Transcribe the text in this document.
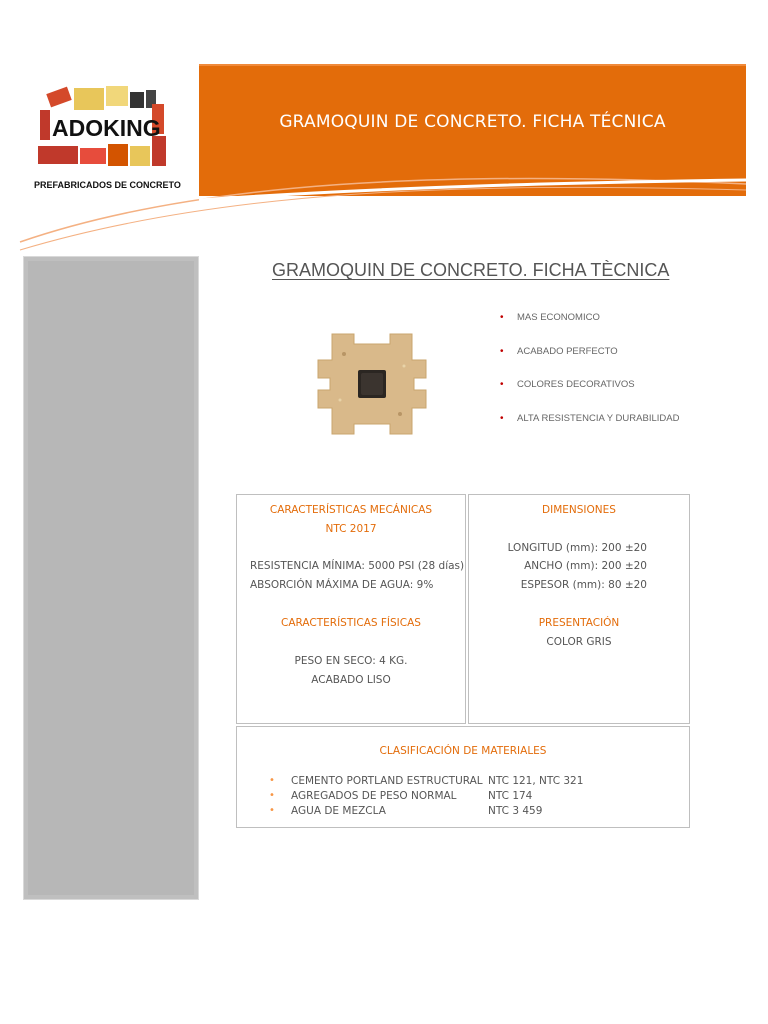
ADOKING
PREFABRICADOS DE CONCRETO
GRAMOQUIN DE CONCRETO. FICHA TÉCNICA
GRAMOQUIN DE CONCRETO. FICHA TÈCNICA
• MAS ECONOMICO
• ACABADO PERFECTO
• COLORES DECORATIVOS
• ALTA RESISTENCIA Y DURABILIDAD
CARACTERÍSTICAS MECÁNICAS
NTC 2017
RESISTENCIA MÍNIMA: 5000 PSI (28 días)
ABSORCIÓN MÁXIMA DE AGUA: 9%
CARACTERÍSTICAS FÍSICAS
PESO EN SECO: 4 KG.
ACABADO LISO
DIMENSIONES
LONGITUD (mm): 200 ±20
ANCHO (mm): 200 ±20
ESPESOR (mm): 80 ±20
PRESENTACIÓN
COLOR GRIS
CLASIFICACIÓN DE MATERIALES
• CEMENTO PORTLAND ESTRUCTURAL NTC 121, NTC 321
• AGREGADOS DE PESO NORMAL	NTC 174
• AGUA DE MEZCLA	NTC 3 459
